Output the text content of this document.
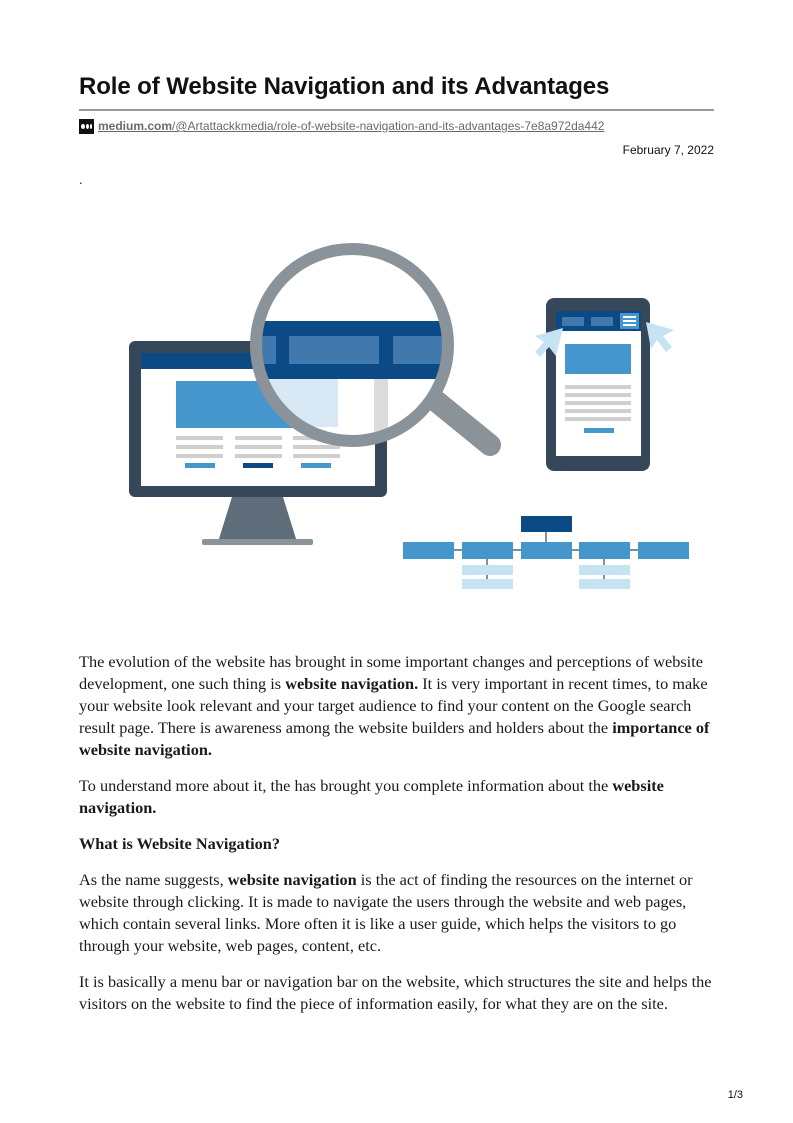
Role of Website Navigation and its Advantages
medium.com/@Artattackkmedia/role-of-website-navigation-and-its-advantages-7e8a972da442
February 7, 2022
.

The evolution of the website has brought in some important changes and perceptions of website development, one such thing is website navigation. It is very important in recent times, to make your website look relevant and your target audience to find your content on the Google search result page. There is awareness among the website builders and holders about the importance of website navigation.

To understand more about it, the has brought you complete information about the website navigation.

What is Website Navigation?

As the name suggests, website navigation is the act of finding the resources on the internet or website through clicking. It is made to navigate the users through the website and web pages, which contain several links. More often it is like a user guide, which helps the visitors to go through your website, web pages, content, etc.

It is basically a menu bar or navigation bar on the website, which structures the site and helps the visitors on the website to find the piece of information easily, for what they are on the site.

1/3
